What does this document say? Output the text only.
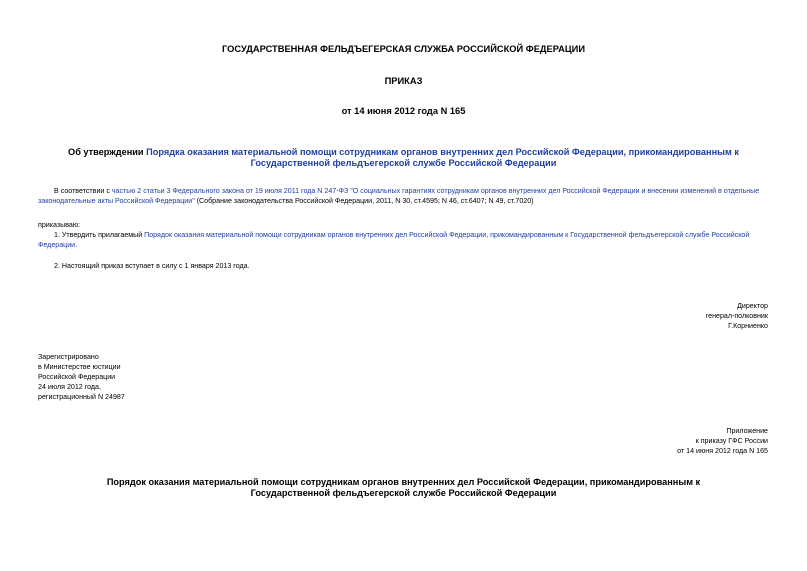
ГОСУДАРСТВЕННАЯ ФЕЛЬДЪЕГЕРСКАЯ СЛУЖБА РОССИЙСКОЙ ФЕДЕРАЦИИ
ПРИКАЗ
от 14 июня 2012 года N 165
Об утверждении Порядка оказания материальной помощи сотрудникам органов внутренних дел Российской Федерации, прикомандированным к Государственной фельдъегерской службе Российской Федерации
В соответствии с частью 2 статьи 3 Федерального закона от 19 июля 2011 года N 247-ФЗ "О социальных гарантиях сотрудникам органов внутренних дел Российской Федерации и внесении изменений в отдельные законодательные акты Российской Федерации" (Собрание законодательства Российской Федерации, 2011, N 30, ст.4595; N 46, ст.6407; N 49, ст.7020)
приказываю:
1. Утвердить прилагаемый Порядок оказания материальной помощи сотрудникам органов внутренних дел Российской Федерации, прикомандированным к Государственной фельдъегерской службе Российской Федерации.
2. Настоящий приказ вступает в силу с 1 января 2013 года.
Директор
генерал-полковник
Г.Корниенко
Зарегистрировано
в Министерстве юстиции
Российской Федерации
24 июля 2012 года,
регистрационный N 24987
Приложение
к приказу ГФС России
от 14 июня 2012 года N 165
Порядок оказания материальной помощи сотрудникам органов внутренних дел Российской Федерации, прикомандированным к Государственной фельдъегерской службе Российской Федерации
